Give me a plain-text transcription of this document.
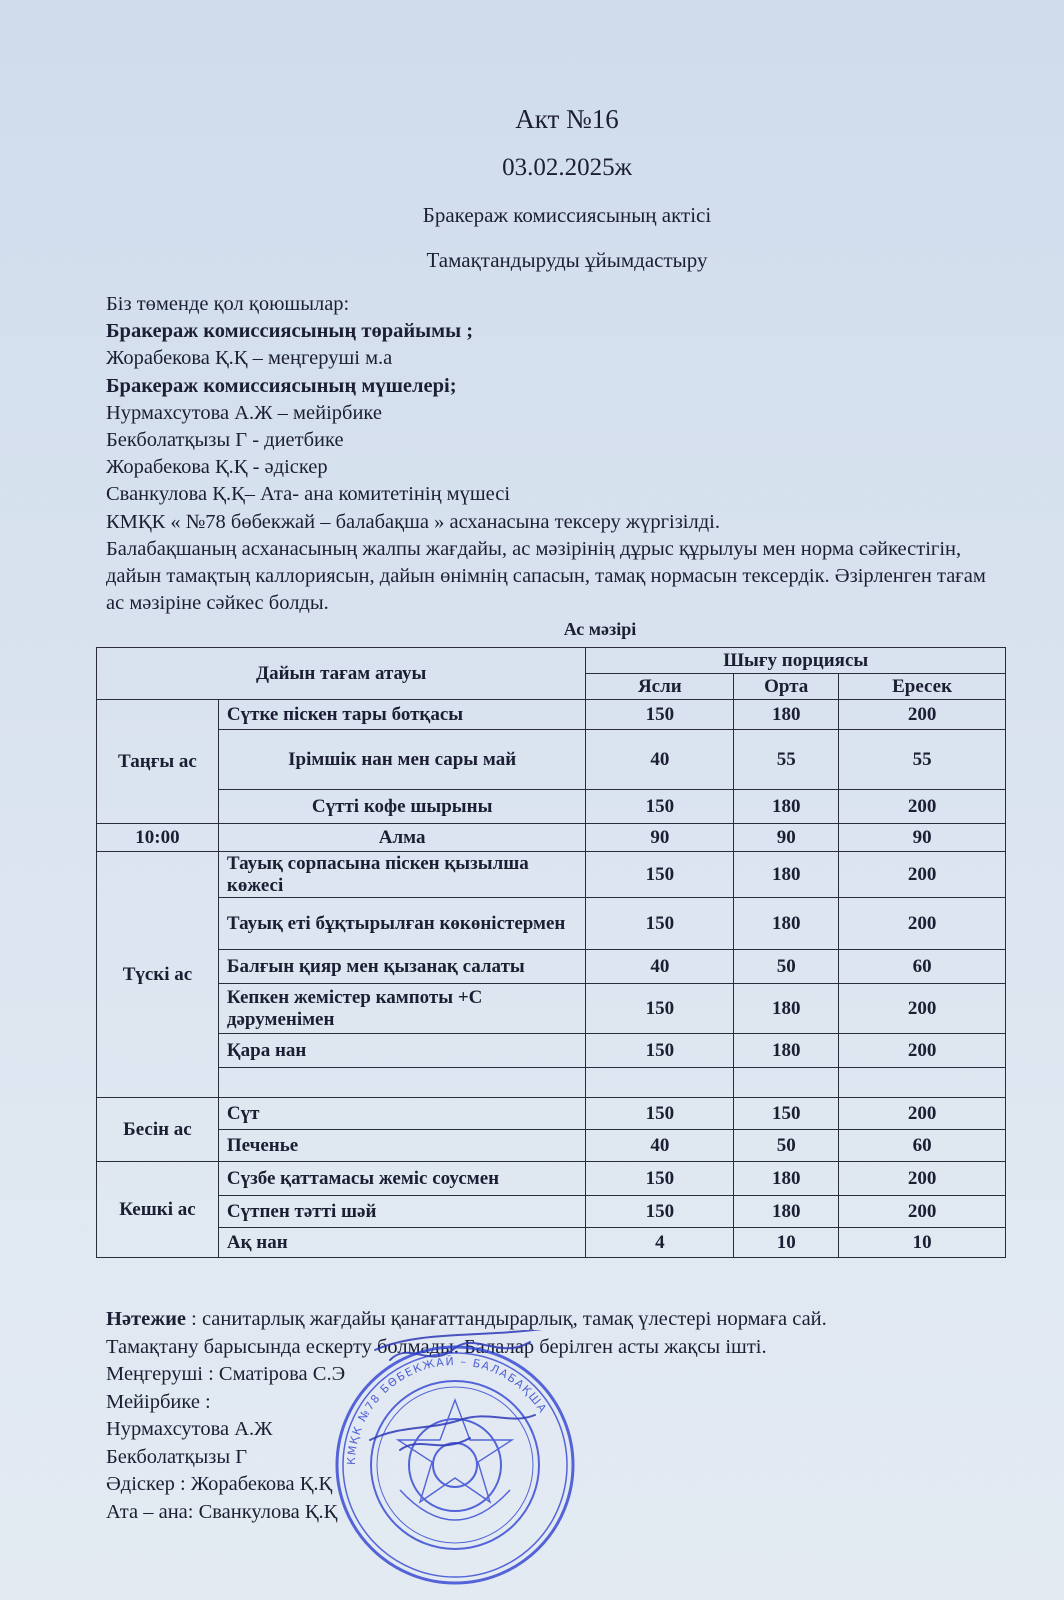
Акт №16
03.02.2025ж
Бракераж комиссиясының актісі
Тамақтандыруды ұйымдастыру
Біз төменде қол қоюшылар:
Бракераж комиссиясының төрайымы ;
Жорабекова Қ.Қ – меңгеруші м.а
Бракераж комиссиясының мүшелері;
Нурмахсутова А.Ж – мейірбике
Бекболатқызы Г - диетбике
Жорабекова Қ.Қ - әдіскер
Сванкулова Қ.Қ– Ата- ана комитетінің мүшесі
КМҚК « №78 бөбекжай – балабақша » асханасына тексеру жүргізілді.
Балабақшаның асханасының жалпы жағдайы, ас мәзірінің дұрыс құрылуы мен норма сәйкестігін, дайын тамақтың каллориясын, дайын өнімнің сапасын, тамақ нормасын тексердік. Әзірленген тағам ас мәзіріне сәйкес болды.
Ас мәзірі
Дайын тағам атауы		Шығу порциясы		
		Ясли	Орта	Ересек
Таңғы ас	Сүтке піскен тары ботқасы	150	180	200
	Ірімшік нан мен сары май	40	55	55
	Сүтті кофе шырыны	150	180	200
10:00	Алма	90	90	90
Түскі ас	Тауық сорпасына піскен қызылша көжесі	150	180	200
	Тауық еті бұқтырылған көкөністермен	150	180	200
	Балғын қияр мен қызанақ салаты	40	50	60
	Кепкен жемістер кампоты +С дәруменімен	150	180	200
	Қара нан	150	180	200

Бесін ас	Сүт	150	150	200
	Печенье	40	50	60
Кешкі ас	Сүзбе қаттамасы жеміс соусмен	150	180	200
	Сүтпен тәтті шәй	150	180	200
	Ақ нан	4	10	10
Нәтежие : санитарлық жағдайы қанағаттандырарлық, тамақ үлестері нормаға сай.
Тамақтану барысында ескерту болмады. Балалар берілген асты жақсы ішті.
Меңгеруші : Сматірова С.Э
Мейірбике :
Нурмахсутова А.Ж
Бекболатқызы Г
Әдіскер : Жорабекова Қ.Қ
Ата – ана: Сванкулова Қ.Қ
КМҚК №78 БӨБЕКЖАЙ – БАЛАБАҚША
